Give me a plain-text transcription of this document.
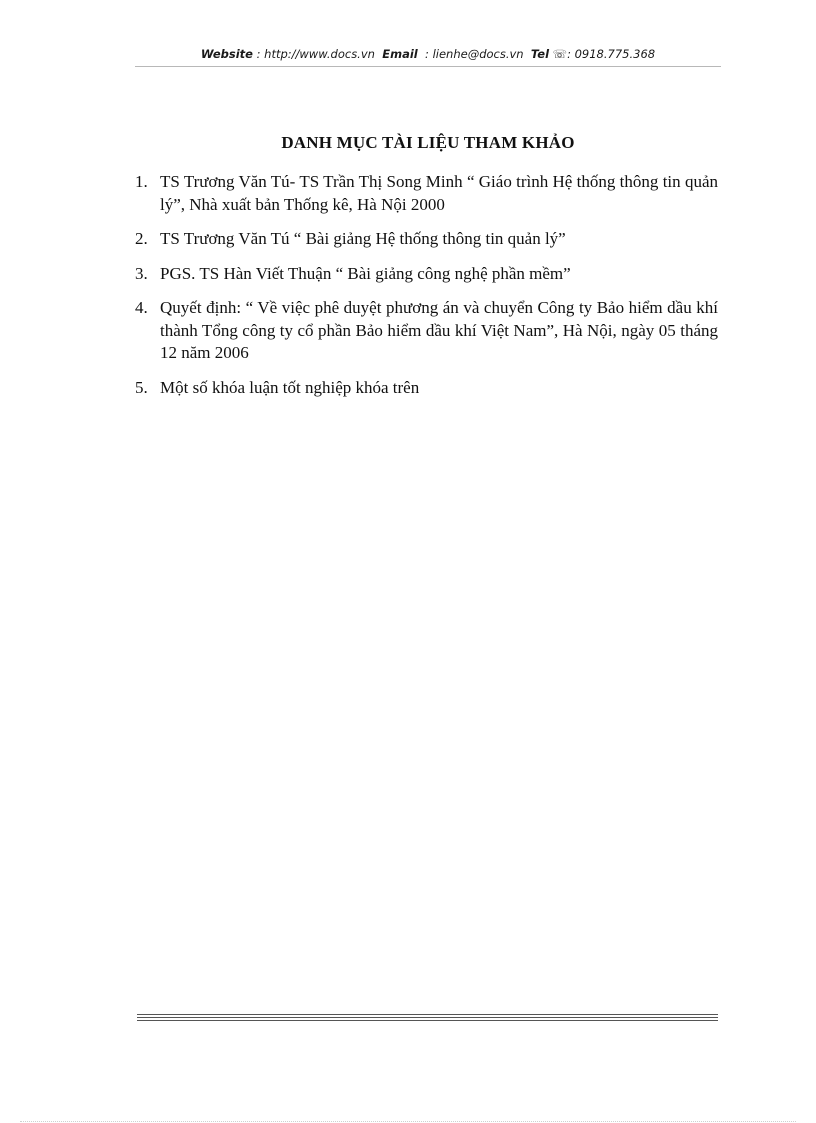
Website : http://www.docs.vn Email : lienhe@docs.vn Tel ☏: 0918.775.368
DANH MỤC TÀI LIỆU THAM KHẢO
1. TS Trương Văn Tú- TS Trần Thị Song Minh “ Giáo trình Hệ thống thông tin quản lý”, Nhà xuất bản Thống kê, Hà Nội 2000
2. TS Trương Văn Tú “ Bài giảng Hệ thống thông tin quản lý”
3. PGS. TS Hàn Viết Thuận “ Bài giảng công nghệ phần mềm”
4. Quyết định: “ Về việc phê duyệt phương án và chuyển Công ty Bảo hiểm dầu khí thành Tổng công ty cổ phần Bảo hiểm dầu khí Việt Nam”, Hà Nội, ngày 05 tháng 12 năm 2006
5. Một số khóa luận tốt nghiệp khóa trên
